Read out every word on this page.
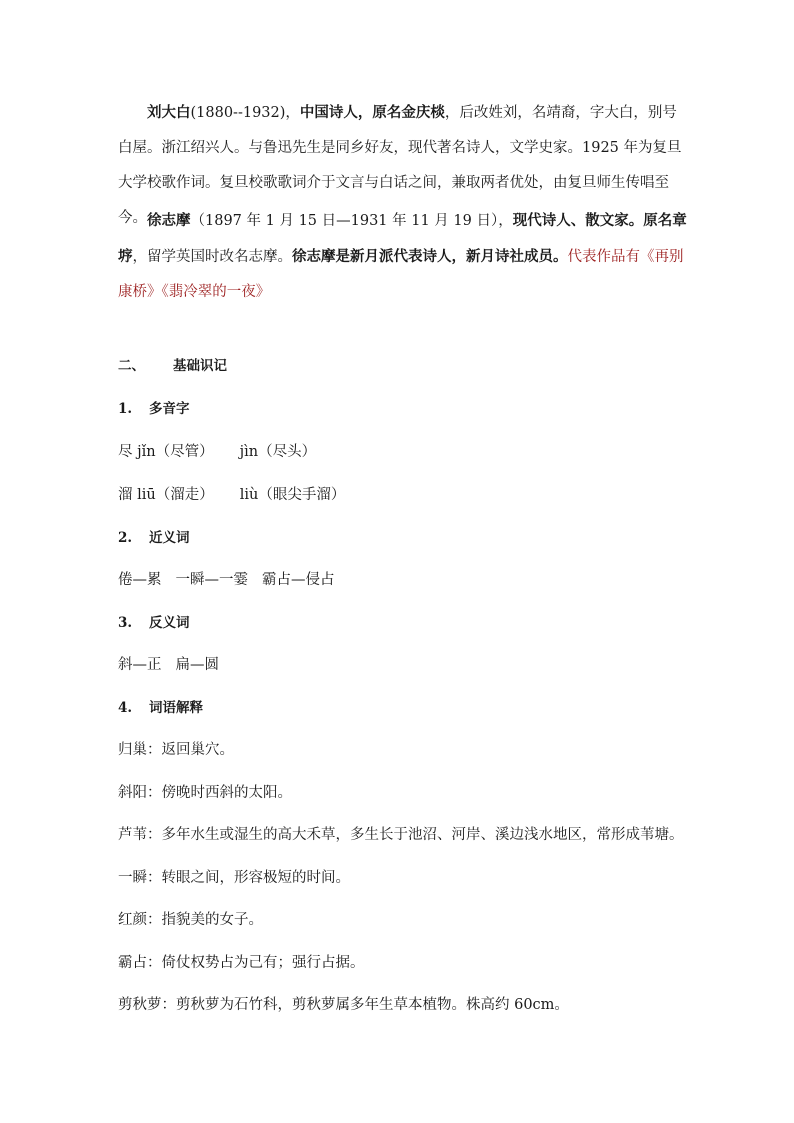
刘大白(1880--1932)，中国诗人，原名金庆棪，后改姓刘，名靖裔，字大白，别号白屋。浙江绍兴人。与鲁迅先生是同乡好友，现代著名诗人，文学史家。1925 年为复旦大学校歌作词。复旦校歌歌词介于文言与白话之间，兼取两者优处，由复旦师生传唱至今。 徐志摩（1897 年 1 月 15 日—1931 年 11 月 19 日），现代诗人、散文家。原名章垿，留学英国时改名志摩。徐志摩是新月派代表诗人，新月诗社成员。代表作品有《再别康桥》《翡冷翠的一夜》
二、 基础识记
1. 多音字
尽 jǐn（尽管） jìn（尽头）
溜 liū（溜走） liù（眼尖手溜）
2. 近义词
倦—累 一瞬—一霎 霸占—侵占
3. 反义词
斜—正 扁—圆
4. 词语解释
归巢：返回巢穴。
斜阳：傍晚时西斜的太阳。
芦苇：多年水生或湿生的高大禾草，多生长于池沼、河岸、溪边浅水地区，常形成苇塘。
一瞬：转眼之间，形容极短的时间。
红颜：指貌美的女子。
霸占：倚仗权势占为己有；强行占据。
剪秋萝：剪秋萝为石竹科，剪秋萝属多年生草本植物。株高约 60cm。
